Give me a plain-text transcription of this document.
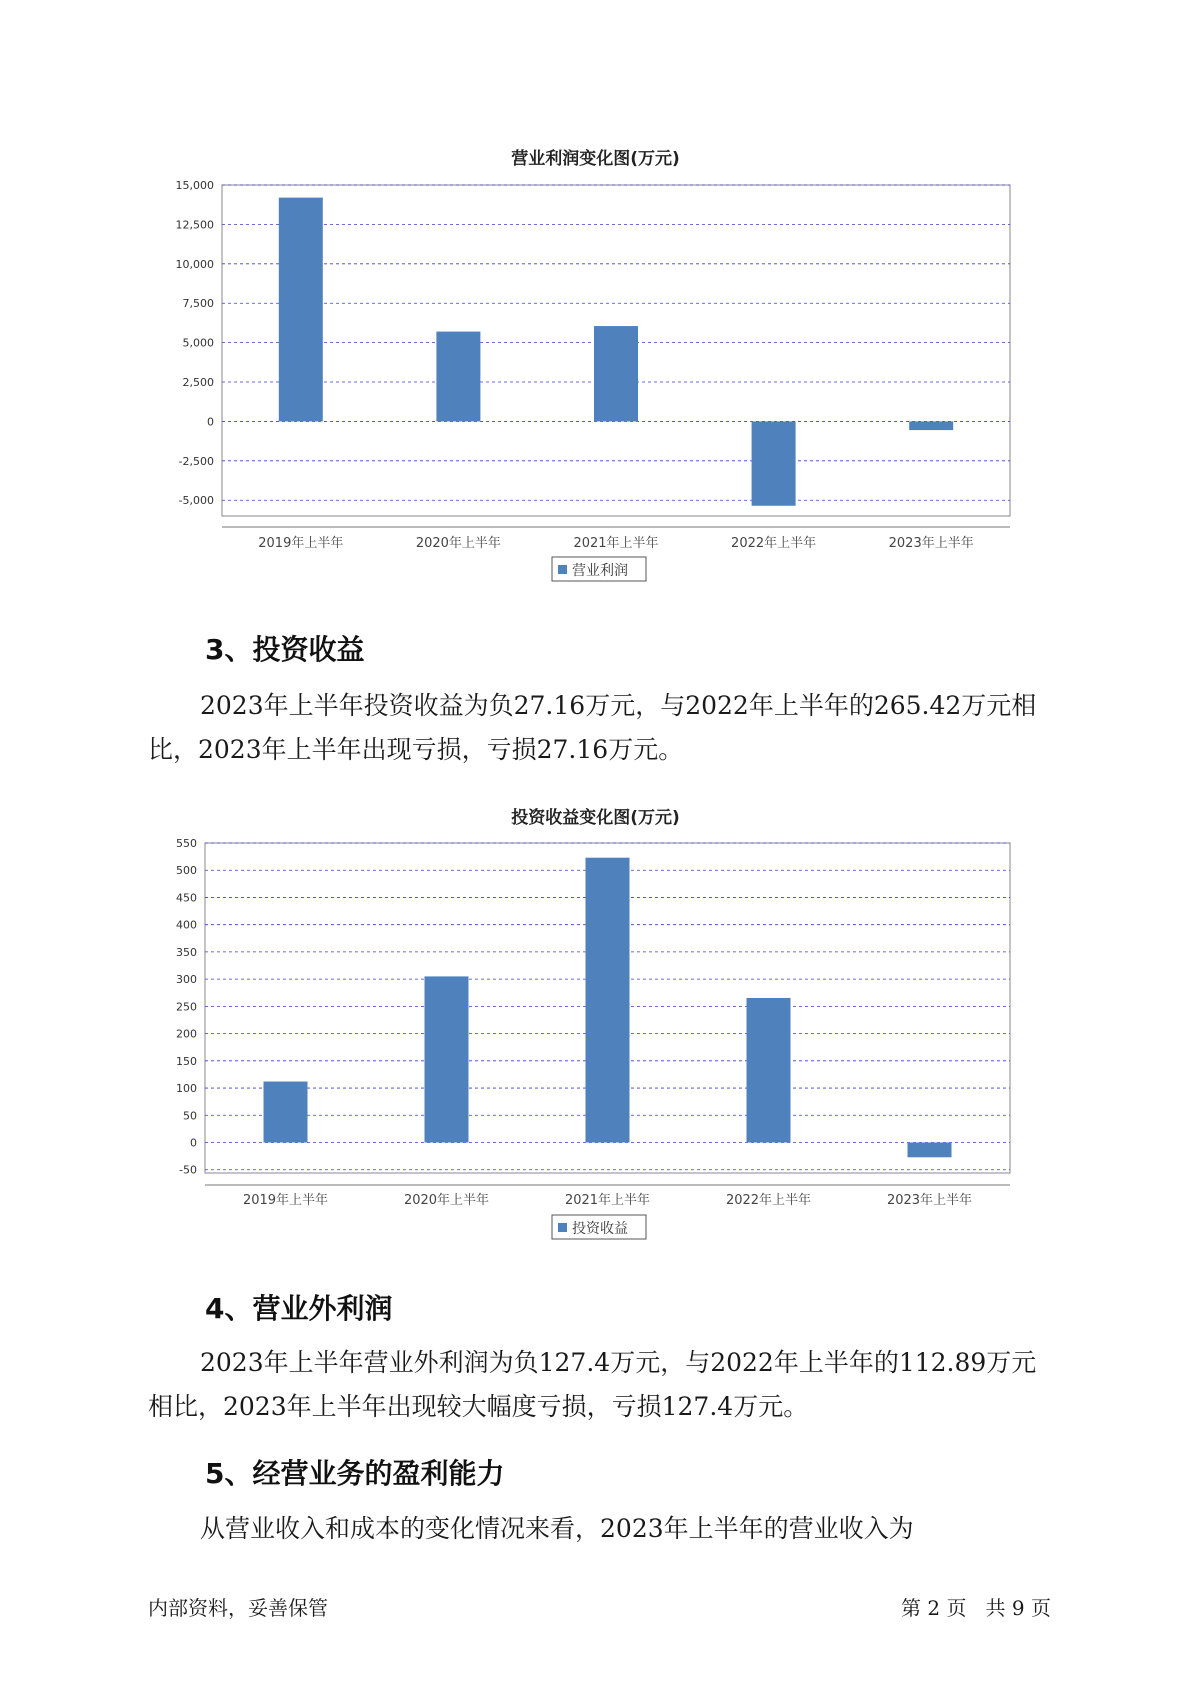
营业利润变化图(万元)
15,000
12,500
10,000
7,500
5,000
2,500
0
-2,500
-5,000
2019年上半年	2020年上半年	2021年上半年	2022年上半年	2023年上半年
营业利润
3、投资收益
2023年上半年投资收益为负27.16万元，与2022年上半年的265.42万元相比，2023年上半年出现亏损，亏损27.16万元。
投资收益变化图(万元)
550
500
450
400
350
300
250
200
150
100
50
0
-50
2019年上半年	2020年上半年	2021年上半年	2022年上半年	2023年上半年
投资收益
4、营业外利润
2023年上半年营业外利润为负127.4万元，与2022年上半年的112.89万元相比，2023年上半年出现较大幅度亏损，亏损127.4万元。
5、经营业务的盈利能力
从营业收入和成本的变化情况来看，2023年上半年的营业收入为
内部资料，妥善保管	第 2 页   共 9 页
